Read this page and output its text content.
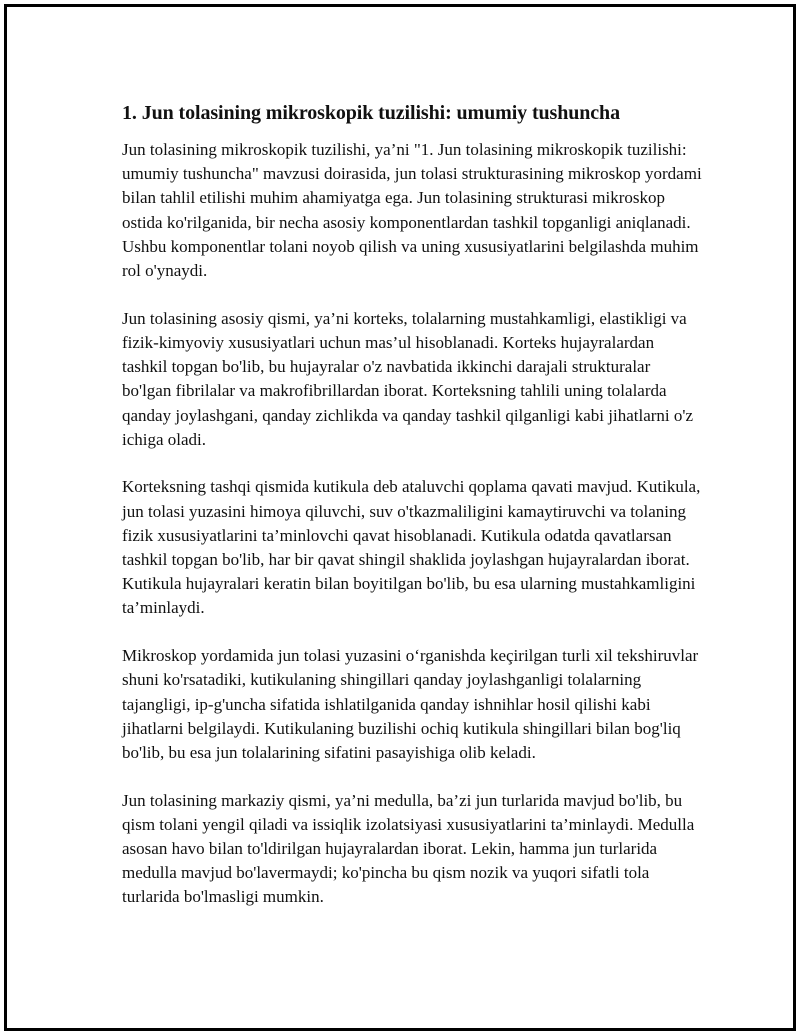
1. Jun tolasining mikroskopik tuzilishi: umumiy tushuncha

Jun tolasining mikroskopik tuzilishi, ya’ni "1. Jun tolasining mikroskopik tuzilishi: umumiy tushuncha" mavzusi doirasida, jun tolasi strukturasining mikroskop yordami bilan tahlil etilishi muhim ahamiyatga ega. Jun tolasining strukturasi mikroskop ostida ko'rilganida, bir necha asosiy komponentlardan tashkil topganligi aniqlanadi. Ushbu komponentlar tolani noyob qilish va uning xususiyatlarini belgilashda muhim rol o'ynaydi.

Jun tolasining asosiy qismi, ya’ni korteks, tolalarning mustahkamligi, elastikligi va fizik-kimyoviy xususiyatlari uchun mas’ul hisoblanadi. Korteks hujayralardan tashkil topgan bo'lib, bu hujayralar o'z navbatida ikkinchi darajali strukturalar bo'lgan fibrilalar va makrofibrillardan iborat. Korteksning tahlili uning tolalarda qanday joylashgani, qanday zichlikda va qanday tashkil qilganligi kabi jihatlarni o'z ichiga oladi.

Korteksning tashqi qismida kutikula deb ataluvchi qoplama qavati mavjud. Kutikula, jun tolasi yuzasini himoya qiluvchi, suv o'tkazmaliligini kamaytiruvchi va tolaning fizik xususiyatlarini ta’minlovchi qavat hisoblanadi. Kutikula odatda qavatlarsan tashkil topgan bo'lib, har bir qavat shingil shaklida joylashgan hujayralardan iborat. Kutikula hujayralari keratin bilan boyitilgan bo'lib, bu esa ularning mustahkamligini ta’minlaydi.

Mikroskop yordamida jun tolasi yuzasini oʻrganishda keçirilgan turli xil tekshiruvlar shuni ko'rsatadiki, kutikulaning shingillari qanday joylashganligi tolalarning tajangligi, ip-g'uncha sifatida ishlatilganida qanday ishnihlar hosil qilishi kabi jihatlarni belgilaydi. Kutikulaning buzilishi ochiq kutikula shingillari bilan bog'liq bo'lib, bu esa jun tolalarining sifatini pasayishiga olib keladi.

Jun tolasining markaziy qismi, ya’ni medulla, ba’zi jun turlarida mavjud bo'lib, bu qism tolani yengil qiladi va issiqlik izolatsiyasi xususiyatlarini ta’minlaydi. Medulla asosan havo bilan to'ldirilgan hujayralardan iborat. Lekin, hamma jun turlarida medulla mavjud bo'lavermaydi; ko'pincha bu qism nozik va yuqori sifatli tola turlarida bo'lmasligi mumkin.
